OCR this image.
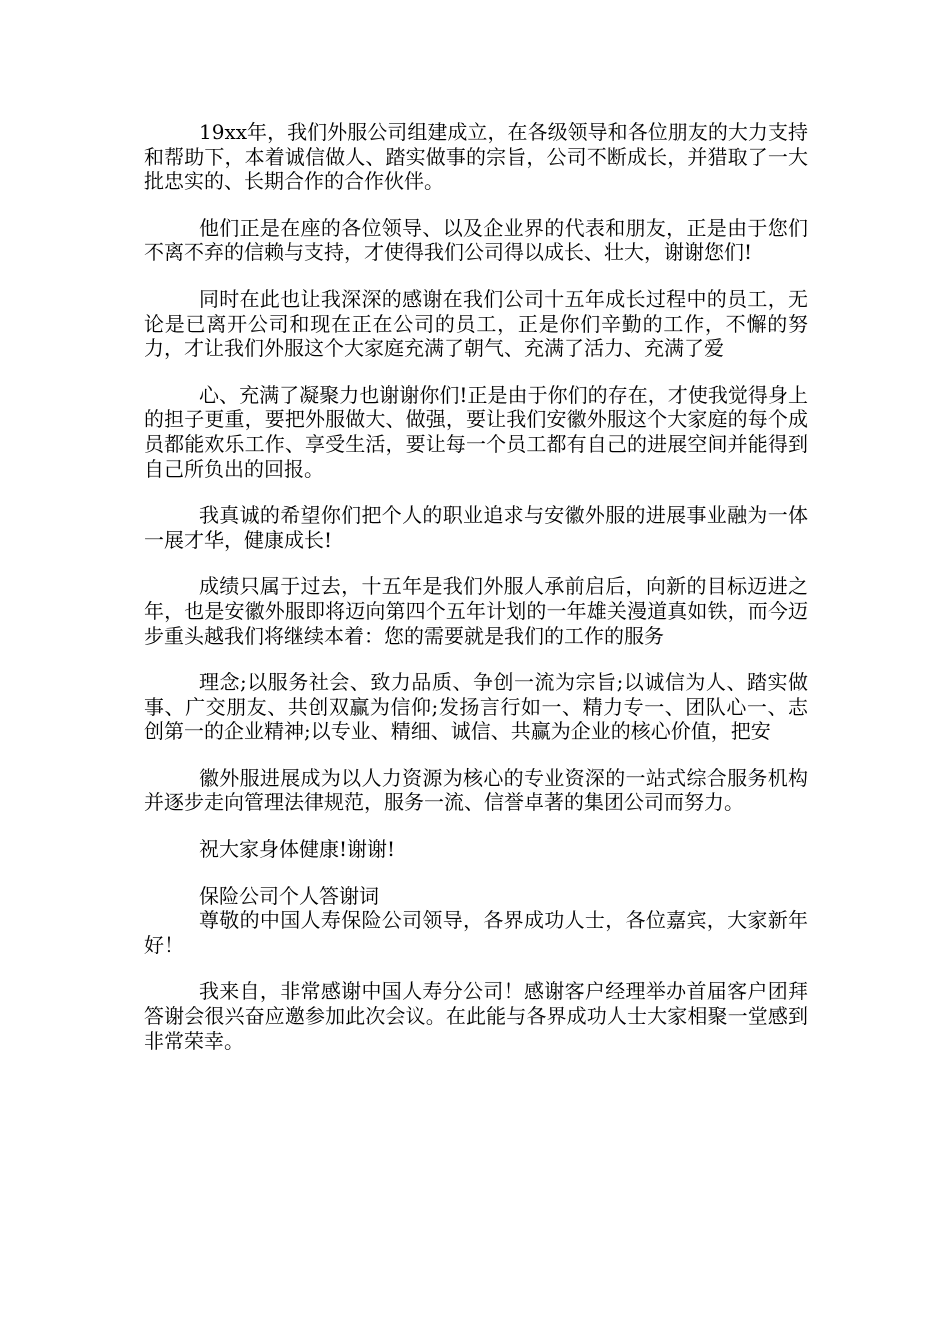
19xx年，我们外服公司组建成立，在各级领导和各位朋友的大力支持和帮助下，本着诚信做人、踏实做事的宗旨，公司不断成长，并猎取了一大批忠实的、长期合作的合作伙伴。

他们正是在座的各位领导、以及企业界的代表和朋友，正是由于您们不离不弃的信赖与支持，才使得我们公司得以成长、壮大，谢谢您们!

同时在此也让我深深的感谢在我们公司十五年成长过程中的员工，无论是已离开公司和现在正在公司的员工，正是你们辛勤的工作，不懈的努力，才让我们外服这个大家庭充满了朝气、充满了活力、充满了爱

心、充满了凝聚力也谢谢你们!正是由于你们的存在，才使我觉得身上的担子更重，要把外服做大、做强，要让我们安徽外服这个大家庭的每个成员都能欢乐工作、享受生活，要让每一个员工都有自己的进展空间并能得到自己所负出的回报。

我真诚的希望你们把个人的职业追求与安徽外服的进展事业融为一体一展才华，健康成长!

成绩只属于过去，十五年是我们外服人承前启后，向新的目标迈进之年，也是安徽外服即将迈向第四个五年计划的一年雄关漫道真如铁，而今迈步重头越我们将继续本着：您的需要就是我们的工作的服务

理念;以服务社会、致力品质、争创一流为宗旨;以诚信为人、踏实做事、广交朋友、共创双赢为信仰;发扬言行如一、精力专一、团队心一、志创第一的企业精神;以专业、精细、诚信、共赢为企业的核心价值，把安

徽外服进展成为以人力资源为核心的专业资深的一站式综合服务机构并逐步走向管理法律规范，服务一流、信誉卓著的集团公司而努力。

祝大家身体健康!谢谢!

保险公司个人答谢词

尊敬的中国人寿保险公司领导，各界成功人士，各位嘉宾，大家新年好！

我来自，非常感谢中国人寿分公司！感谢客户经理举办首届客户团拜答谢会很兴奋应邀参加此次会议。在此能与各界成功人士大家相聚一堂感到非常荣幸。
